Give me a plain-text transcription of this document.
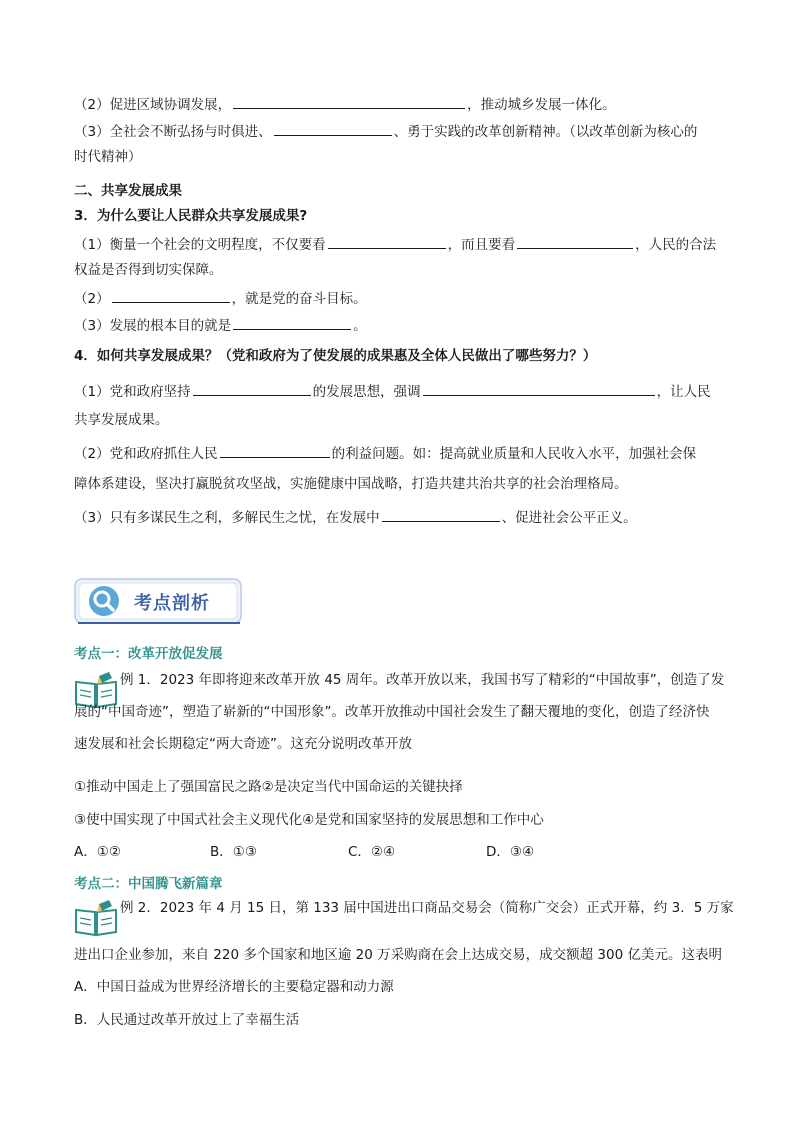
（2）促进区域协调发展，	，推动城乡发展一体化。
（3）全社会不断弘扬与时俱进、	、勇于实践的改革创新精神。（以改革创新为核心的
时代精神）
二、共享发展成果
3．为什么要让人民群众共享发展成果?
（1）衡量一个社会的文明程度，不仅要看	，而且要看	，人民的合法
权益是否得到切实保障。
（2）	，就是党的奋斗目标。
（3）发展的根本目的就是	。
4．如何共享发展成果？（党和政府为了使发展的成果惠及全体人民做出了哪些努力？）
（1）党和政府坚持	的发展思想，强调	，让人民
共享发展成果。
（2）党和政府抓住人民	的利益问题。如：提高就业质量和人民收入水平，加强社会保
障体系建设，坚决打赢脱贫攻坚战，实施健康中国战略，打造共建共治共享的社会治理格局。
（3）只有多谋民生之利，多解民生之忧，在发展中	、促进社会公平正义。
考点剖析
考点一：改革开放促发展
例 1．2023 年即将迎来改革开放 45 周年。改革开放以来，我国书写了精彩的“中国故事”，创造了发
展的“中国奇迹”，塑造了崭新的“中国形象”。改革开放推动中国社会发生了翻天覆地的变化，创造了经济快
速发展和社会长期稳定“两大奇迹”。这充分说明改革开放
①推动中国走上了强国富民之路②是决定当代中国命运的关键抉择
③使中国实现了中国式社会主义现代化④是党和国家坚持的发展思想和工作中心
A．①②	B．①③	C．②④	D．③④
考点二：中国腾飞新篇章
例 2．2023 年 4 月 15 日，第 133 届中国进出口商品交易会（简称广交会）正式开幕，约 3．5 万家
进出口企业参加，来自 220 多个国家和地区逾 20 万采购商在会上达成交易，成交额超 300 亿美元。这表明
A．中国日益成为世界经济增长的主要稳定器和动力源
B．人民通过改革开放过上了幸福生活
